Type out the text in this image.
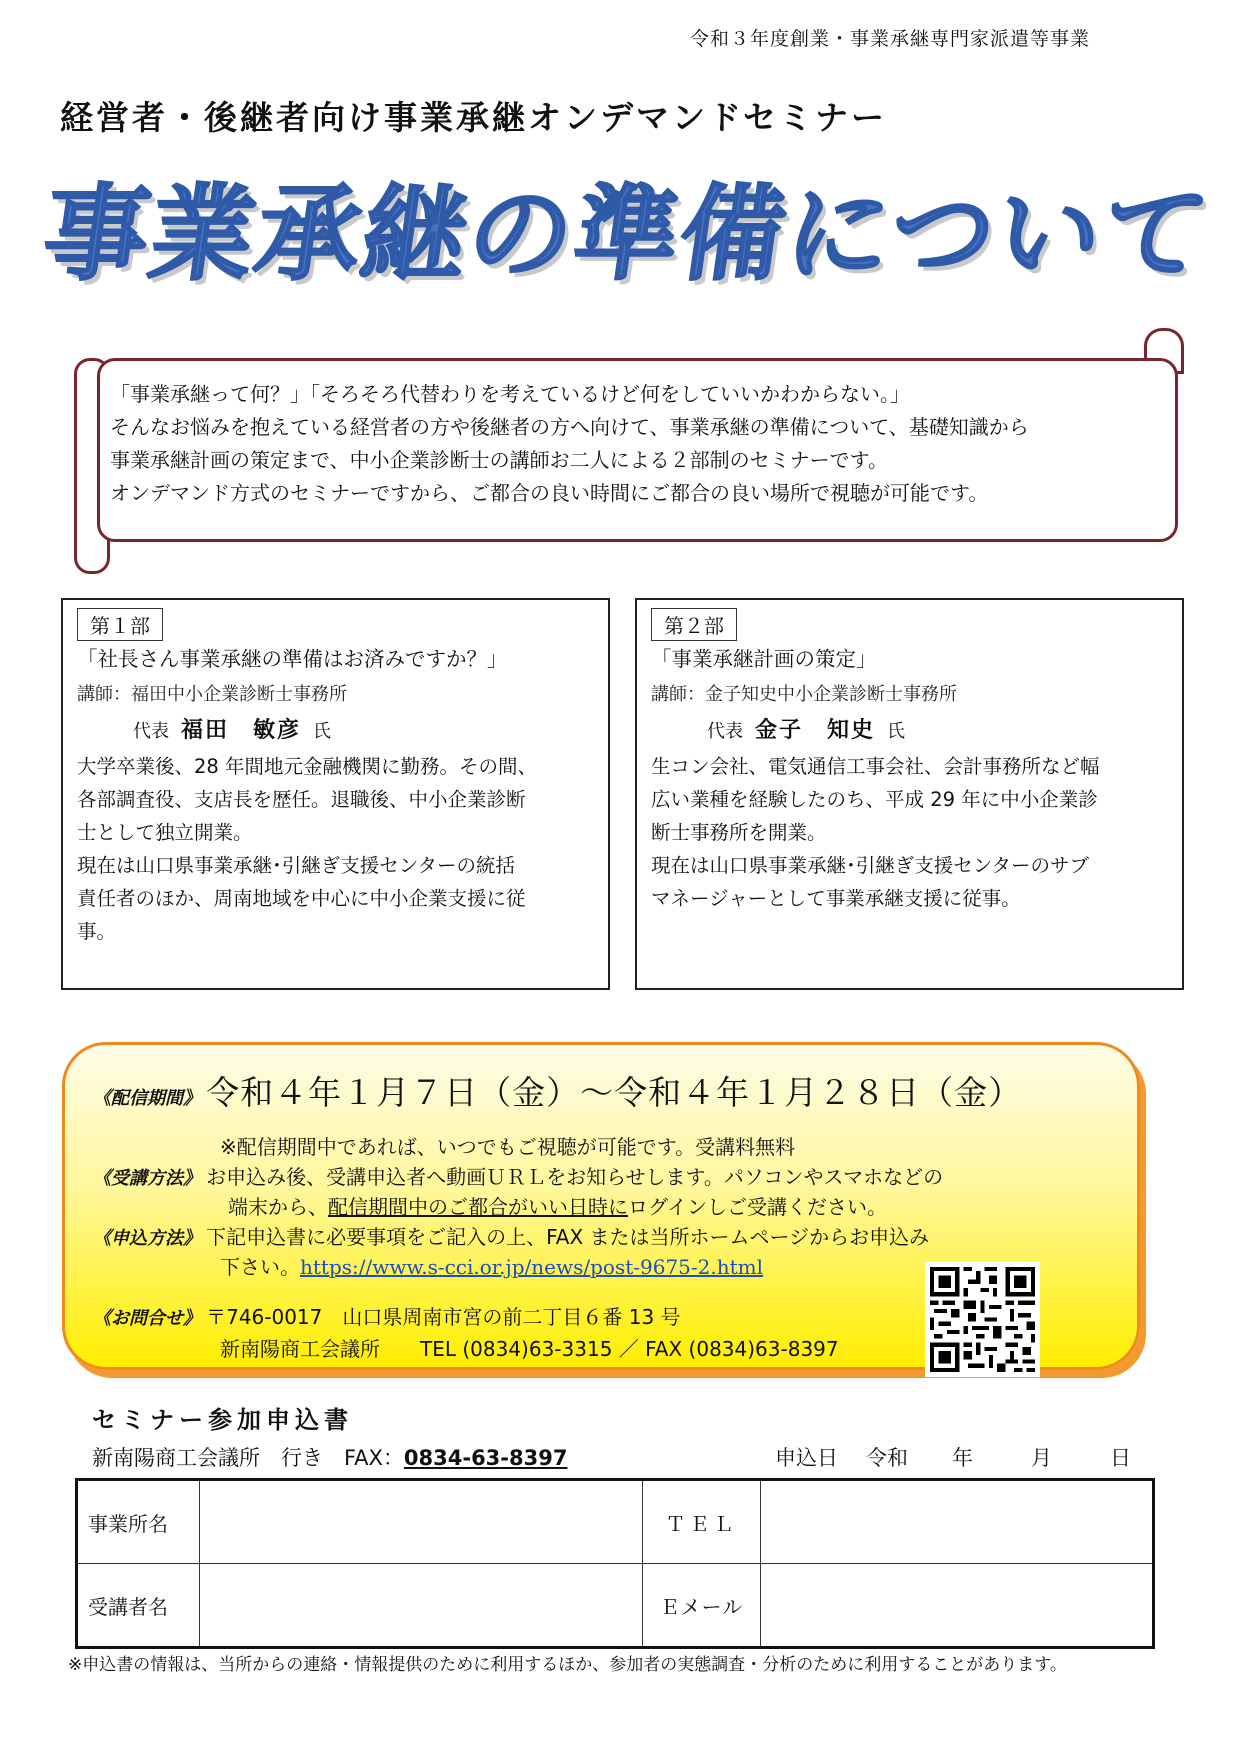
令和３年度創業・事業承継専門家派遣等事業
経営者・後継者向け事業承継オンデマンドセミナー
事業承継の準備について
「事業承継って何？」「そろそろ代替わりを考えているけど何をしていいかわからない。」
そんなお悩みを抱えている経営者の方や後継者の方へ向けて、事業承継の準備について、基礎知識から
事業承継計画の策定まで、中小企業診断士の講師お二人による２部制のセミナーです。
オンデマンド方式のセミナーですから、ご都合の良い時間にご都合の良い場所で視聴が可能です。
第１部
「社長さん事業承継の準備はお済みですか？」
講師：福田中小企業診断士事務所
代表 福田　敏彦 氏
大学卒業後、28 年間地元金融機関に勤務。その間、
各部調査役、支店長を歴任。退職後、中小企業診断
士として独立開業。
現在は山口県事業承継･引継ぎ支援センターの統括
責任者のほか、周南地域を中心に中小企業支援に従
事。
第２部
「事業承継計画の策定」
講師：金子知史中小企業診断士事務所
代表 金子　知史 氏
生コン会社、電気通信工事会社、会計事務所など幅
広い業種を経験したのち、平成 29 年に中小企業診
断士事務所を開業。
現在は山口県事業承継･引継ぎ支援センターのサブ
マネージャーとして事業承継支援に従事。
《配信期間》 令和４年１月７日（金）～令和４年１月２８日（金）
※配信期間中であれば、いつでもご視聴が可能です。受講料無料
《受講方法》 お申込み後、受講申込者へ動画ＵＲＬをお知らせします。パソコンやスマホなどの
端末から、配信期間中のご都合がいい日時にログインしご受講ください。
《申込方法》 下記申込書に必要事項をご記入の上、FAX または当所ホームページからお申込み
下さい。https://www.s-cci.or.jp/news/post-9675-2.html
《お問合せ》 〒746-0017　山口県周南市宮の前二丁目６番 13 号
新南陽商工会議所　　TEL (0834)63-3315 ／ FAX (0834)63-8397
セミナー参加申込書
新南陽商工会議所　行き　FAX：0834-63-8397	申込日 令和 年	月	日
事業所名		ＴＥＬ	
受講者名		Ｅメール	
※申込書の情報は、当所からの連絡・情報提供のために利用するほか、参加者の実態調査・分析のために利用することがあります。
